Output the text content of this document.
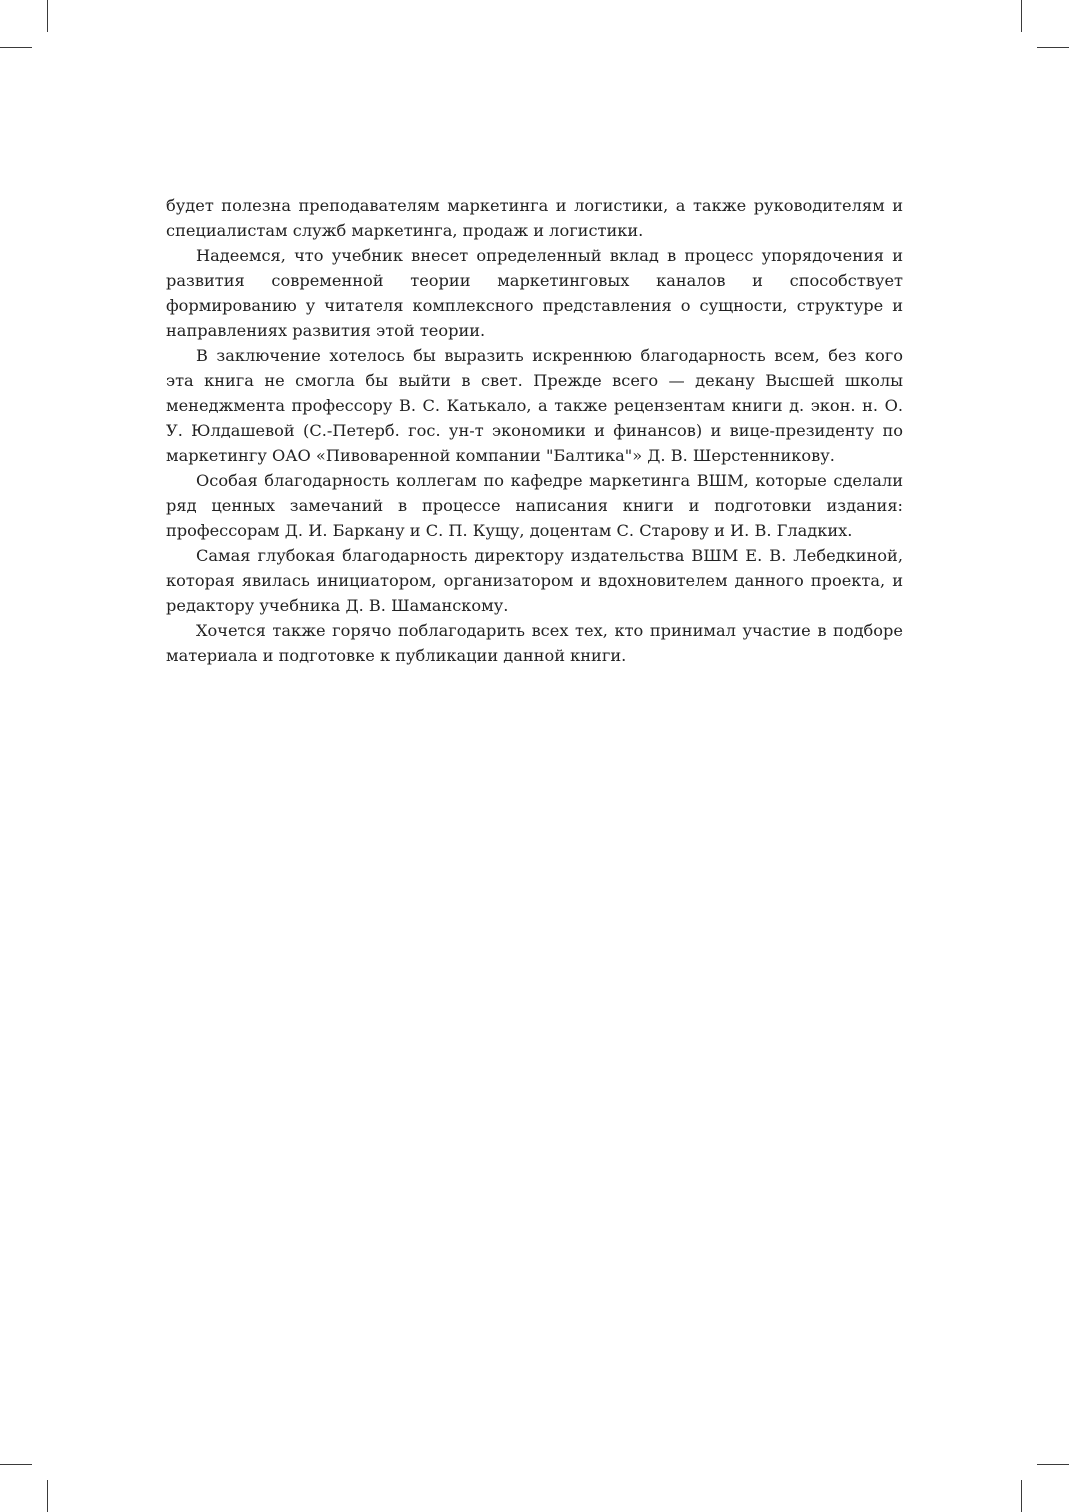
будет полезна преподавателям маркетинга и логистики, а также руководителям и специалистам служб маркетинга, продаж и логистики.

Надеемся, что учебник внесет определенный вклад в процесс упорядочения и развития современной теории маркетинговых каналов и способствует формированию у читателя комплексного представления о сущности, структуре и направлениях развития этой теории.

В заключение хотелось бы выразить искреннюю благодарность всем, без кого эта книга не смогла бы выйти в свет. Прежде всего — декану Высшей школы менеджмента профессору В. С. Катькало, а также рецензентам книги д. экон. н. О. У. Юлдашевой (С.-Петерб. гос. ун-т экономики и финансов) и вице-президенту по маркетингу ОАО «Пивоваренной компании "Балтика"» Д. В. Шерстенникову.

Особая благодарность коллегам по кафедре маркетинга ВШМ, которые сделали ряд ценных замечаний в процессе написания книги и подготовки издания: профессорам Д. И. Баркану и С. П. Кущу, доцентам С. Старову и И. В. Гладких.

Самая глубокая благодарность директору издательства ВШМ Е. В. Лебедкиной, которая явилась инициатором, организатором и вдохновителем данного проекта, и редактору учебника Д. В. Шаманскому.

Хочется также горячо поблагодарить всех тех, кто принимал участие в подборе материала и подготовке к публикации данной книги.
